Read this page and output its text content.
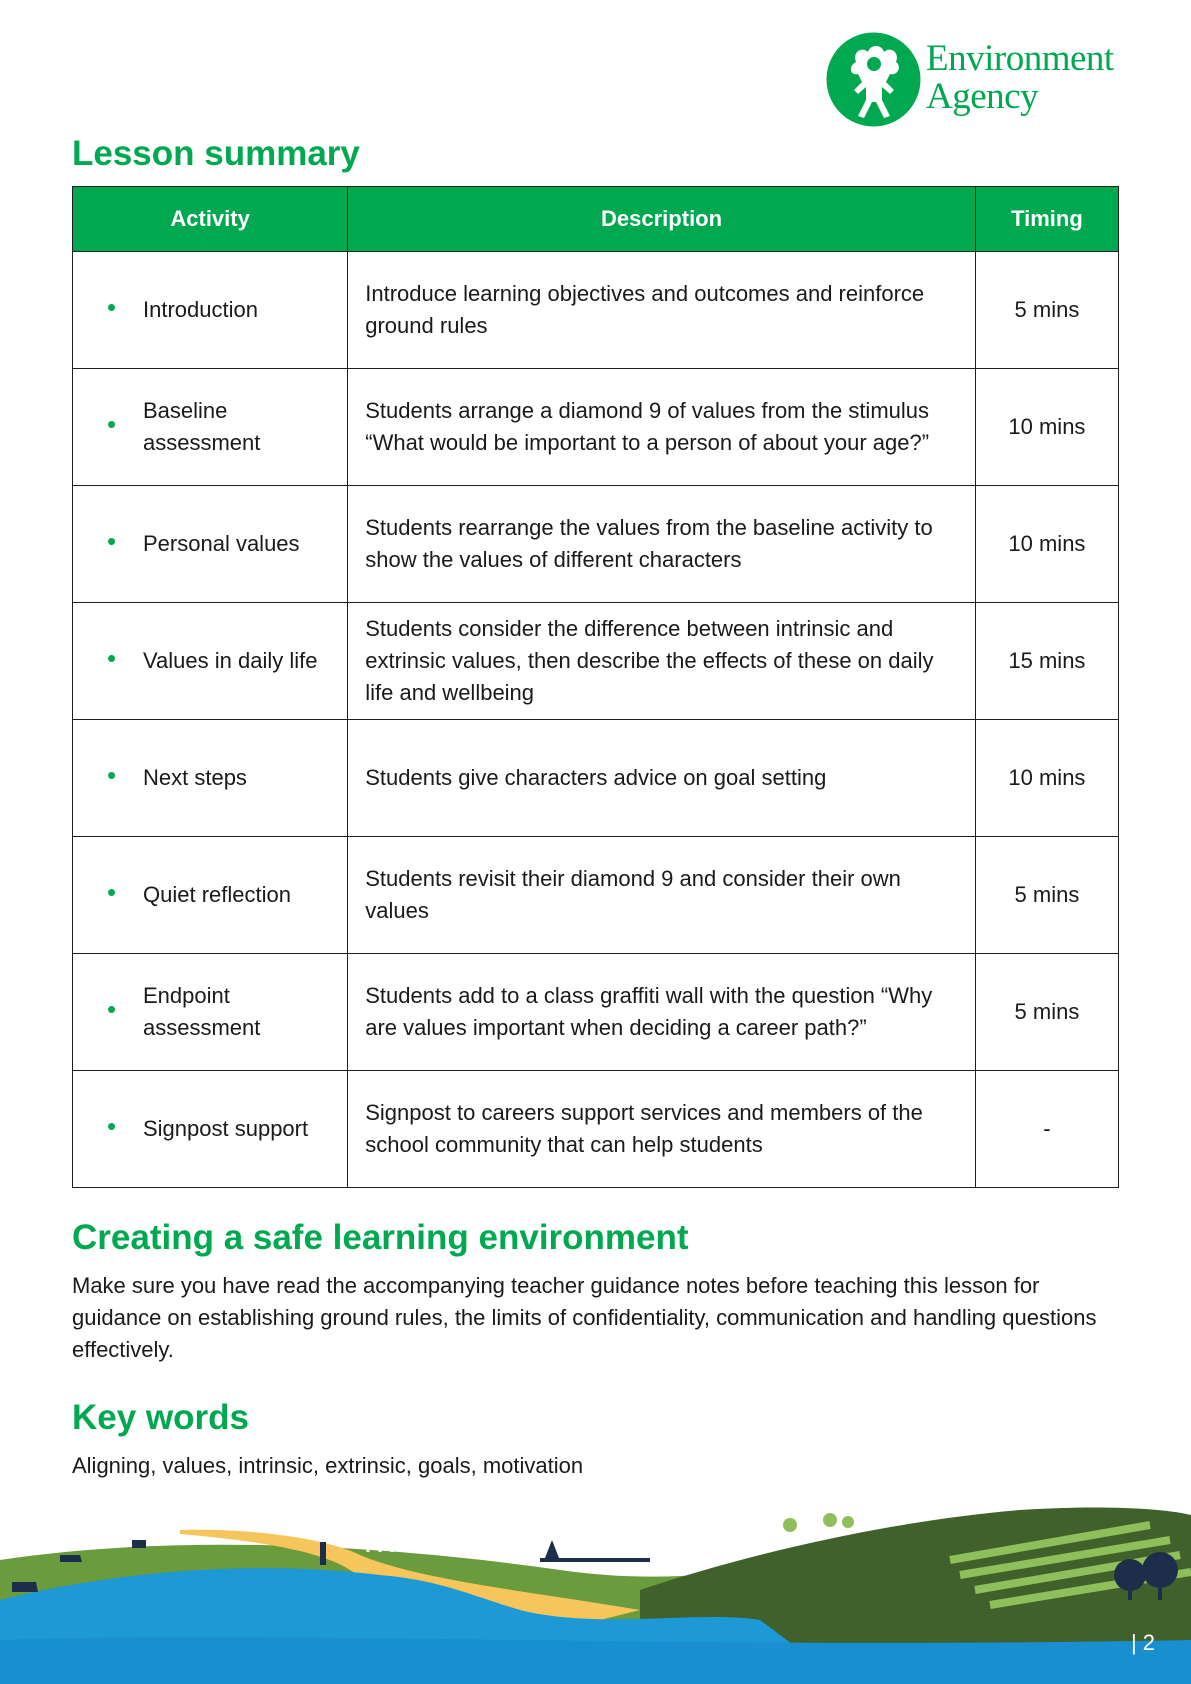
Environment
Agency
Lesson summary
Activity	Description	Timing

• Introduction	Introduce learning objectives and outcomes and reinforce ground rules	5 mins

• Baseline assessment	Students arrange a diamond 9 of values from the stimulus “What would be important to a person of about your age?”	10 mins

• Personal values	Students rearrange the values from the baseline activity to show the values of different characters	10 mins

• Values in daily life	Students consider the difference between intrinsic and extrinsic values, then describe the effects of these on daily life and wellbeing	15 mins

• Next steps	Students give characters advice on goal setting	10 mins

• Quiet reflection	Students revisit their diamond 9 and consider their own values	5 mins

• Endpoint assessment	Students add to a class graffiti wall with the question “Why are values important when deciding a career path?”	5 mins

• Signpost support	Signpost to careers support services and members of the school community that can help students	-
Creating a safe learning environment

Make sure you have read the accompanying teacher guidance notes before teaching this lesson for guidance on establishing ground rules, the limits of confidentiality, communication and handling questions effectively.

Key words

Aligning, values, intrinsic, extrinsic, goals, motivation

| 2
